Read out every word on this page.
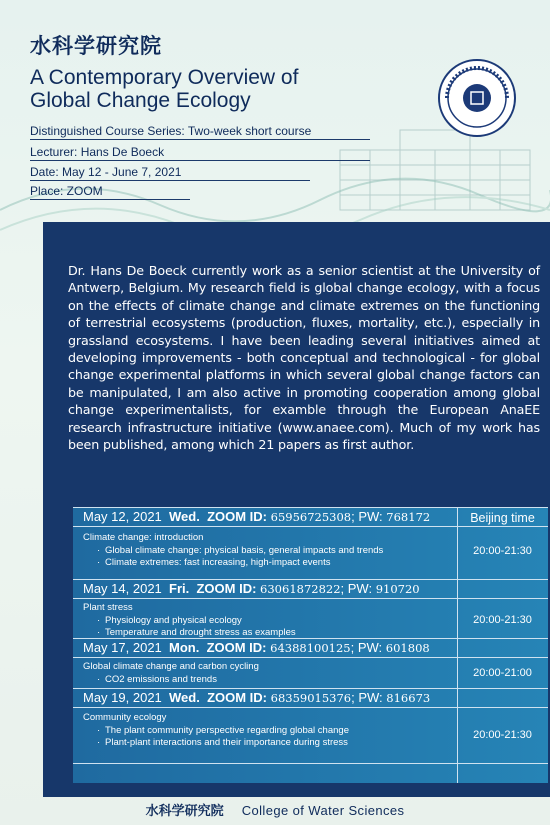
水科学研究院
A Contemporary Overview of
Global Change Ecology
Distinguished Course Series: Two-week short course
Lecturer: Hans De Boeck
Date: May 12 - June 7, 2021
Place: ZOOM
Dr. Hans De Boeck currently work as a senior scientist at the University of Antwerp, Belgium. My research field is global change ecology, with a focus on the effects of climate change and climate extremes on the functioning of terrestrial ecosystems (production, fluxes, mortality, etc.), especially in grassland ecosystems. I have been leading several initiatives aimed at developing improvements - both conceptual and technological - for global change experimental platforms in which several global change factors can be manipulated, I am also active in promoting cooperation among global change experimentalists, for examble through the European AnaEE research infrastructure initiative (www.anaee.com). Much of my work has been published, among which 21 papers as first author.
Beijing time
May 12, 2021 Wed. ZOOM ID: 65956725308; PW: 768172
Climate change: introduction
· Global climate change: physical basis, general impacts and trends
· Climate extremes: fast increasing, high-impact events
20:00-21:30
May 14, 2021 Fri. ZOOM ID: 63061872822; PW: 910720
Plant stress
· Physiology and physical ecology
· Temperature and drought stress as examples
20:00-21:30
May 17, 2021 Mon. ZOOM ID: 64388100125; PW: 601808
Global climate change and carbon cycling
· CO2 emissions and trends	20:00-21:00
May 19, 2021 Wed. ZOOM ID: 68359015376; PW: 816673
Community ecology
· The plant community perspective regarding global change
· Plant-plant interactions and their importance during stress
20:00-21:30
水科学研究院 College of Water Sciences
